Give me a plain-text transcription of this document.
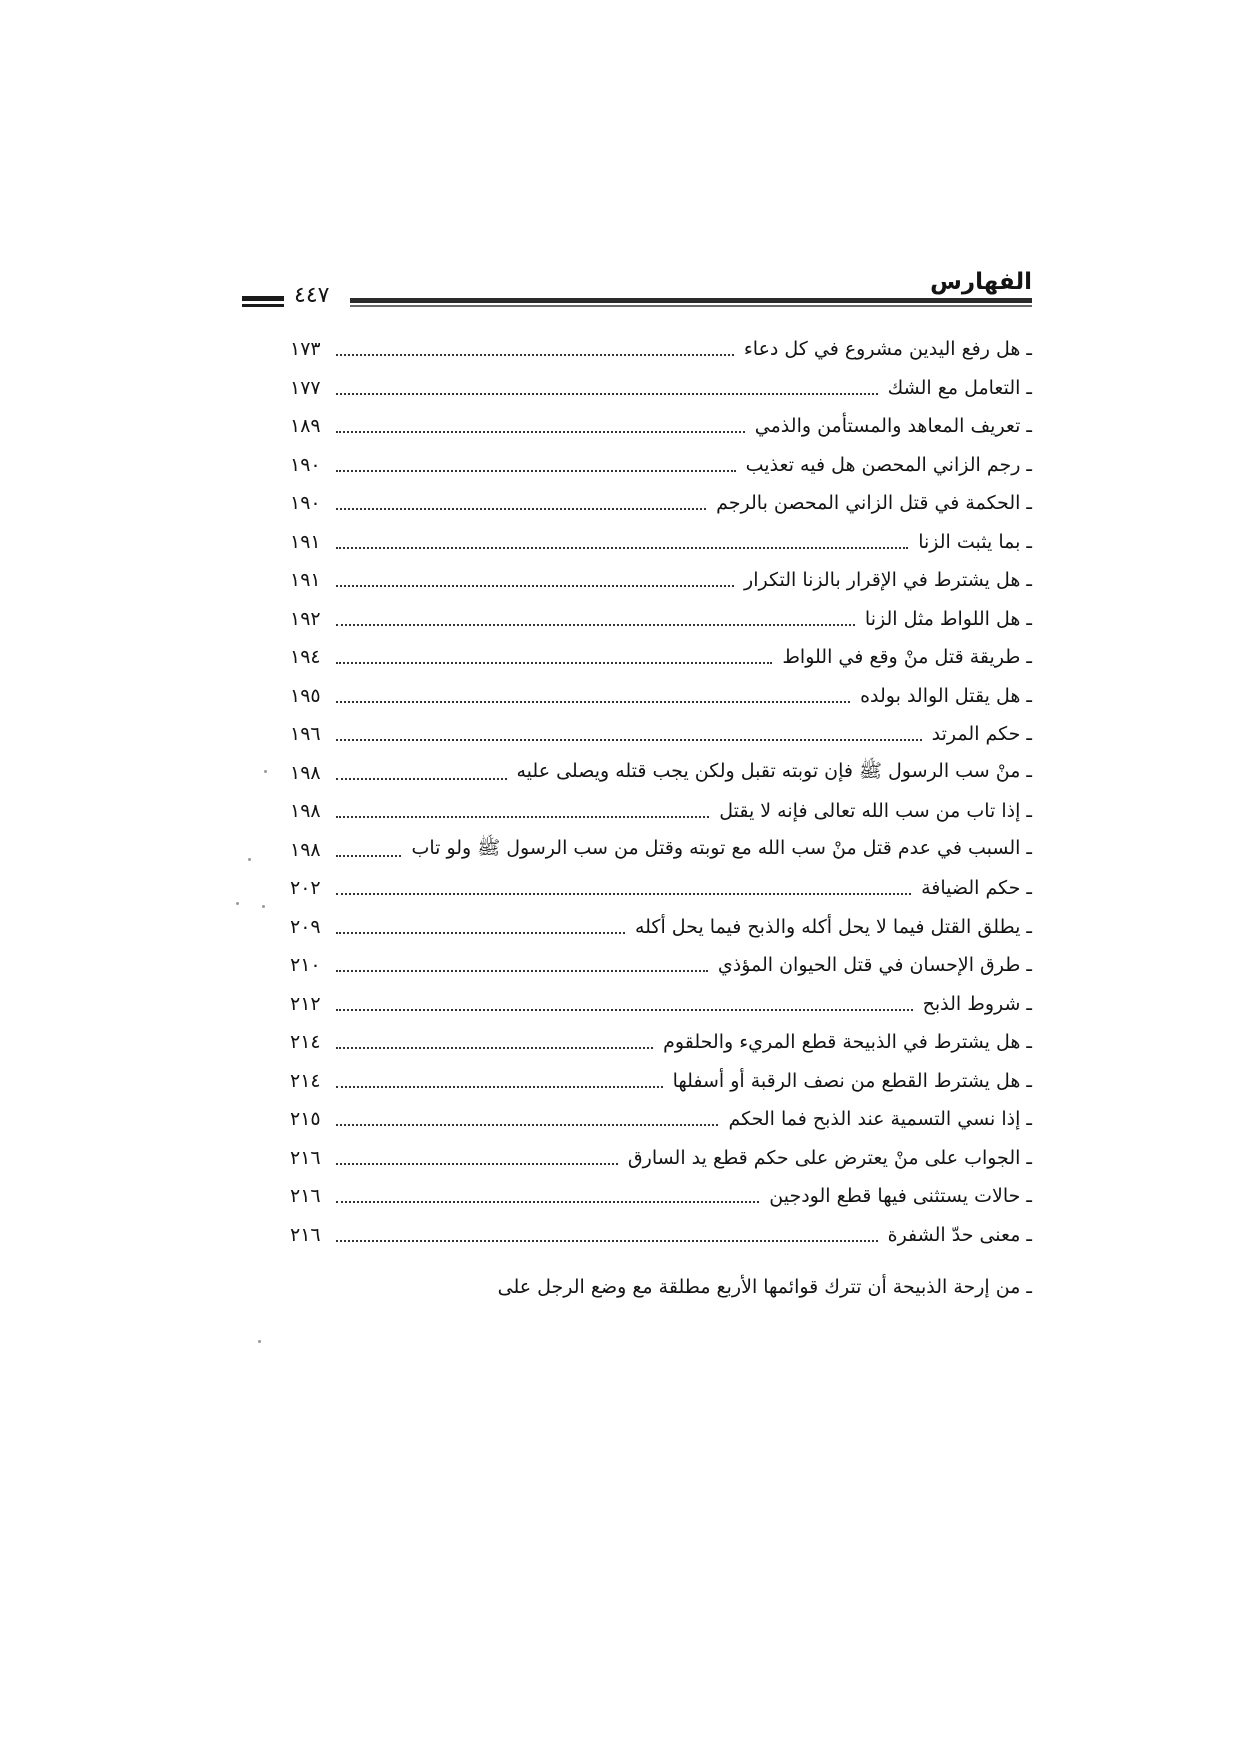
الفهارس
٤٤٧
ـ هل رفع اليدين مشروع في كل دعاء
١٧٣
ـ التعامل مع الشك
١٧٧
ـ تعريف المعاهد والمستأمن والذمي
١٨٩
ـ رجم الزاني المحصن هل فيه تعذيب
١٩٠
ـ الحكمة في قتل الزاني المحصن بالرجم
١٩٠
ـ بما يثبت الزنا
١٩١
ـ هل يشترط في الإقرار بالزنا التكرار
١٩١
ـ هل اللواط مثل الزنا
١٩٢
ـ طريقة قتل منْ وقع في اللواط
١٩٤
ـ هل يقتل الوالد بولده
١٩٥
ـ حكم المرتد
١٩٦
ـ منْ سب الرسول ﷺ فإن توبته تقبل ولكن يجب قتله ويصلى عليه
١٩٨
ـ إذا تاب من سب الله تعالى فإنه لا يقتل
١٩٨
ـ السبب في عدم قتل منْ سب الله مع توبته وقتل من سب الرسول ﷺ ولو تاب
١٩٨
ـ حكم الضيافة
٢٠٢
ـ يطلق القتل فيما لا يحل أكله والذبح فيما يحل أكله
٢٠٩
ـ طرق الإحسان في قتل الحيوان المؤذي
٢١٠
ـ شروط الذبح
٢١٢
ـ هل يشترط في الذبيحة قطع المريء والحلقوم
٢١٤
ـ هل يشترط القطع من نصف الرقبة أو أسفلها
٢١٤
ـ إذا نسي التسمية عند الذبح فما الحكم
٢١٥
ـ الجواب على منْ يعترض على حكم قطع يد السارق
٢١٦
ـ حالات يستثنى فيها قطع الودجين
٢١٦
ـ معنى حدّ الشفرة
٢١٦
ـ من إرحة الذبيحة أن تترك قوائمها الأربع مطلقة مع وضع الرجل على
